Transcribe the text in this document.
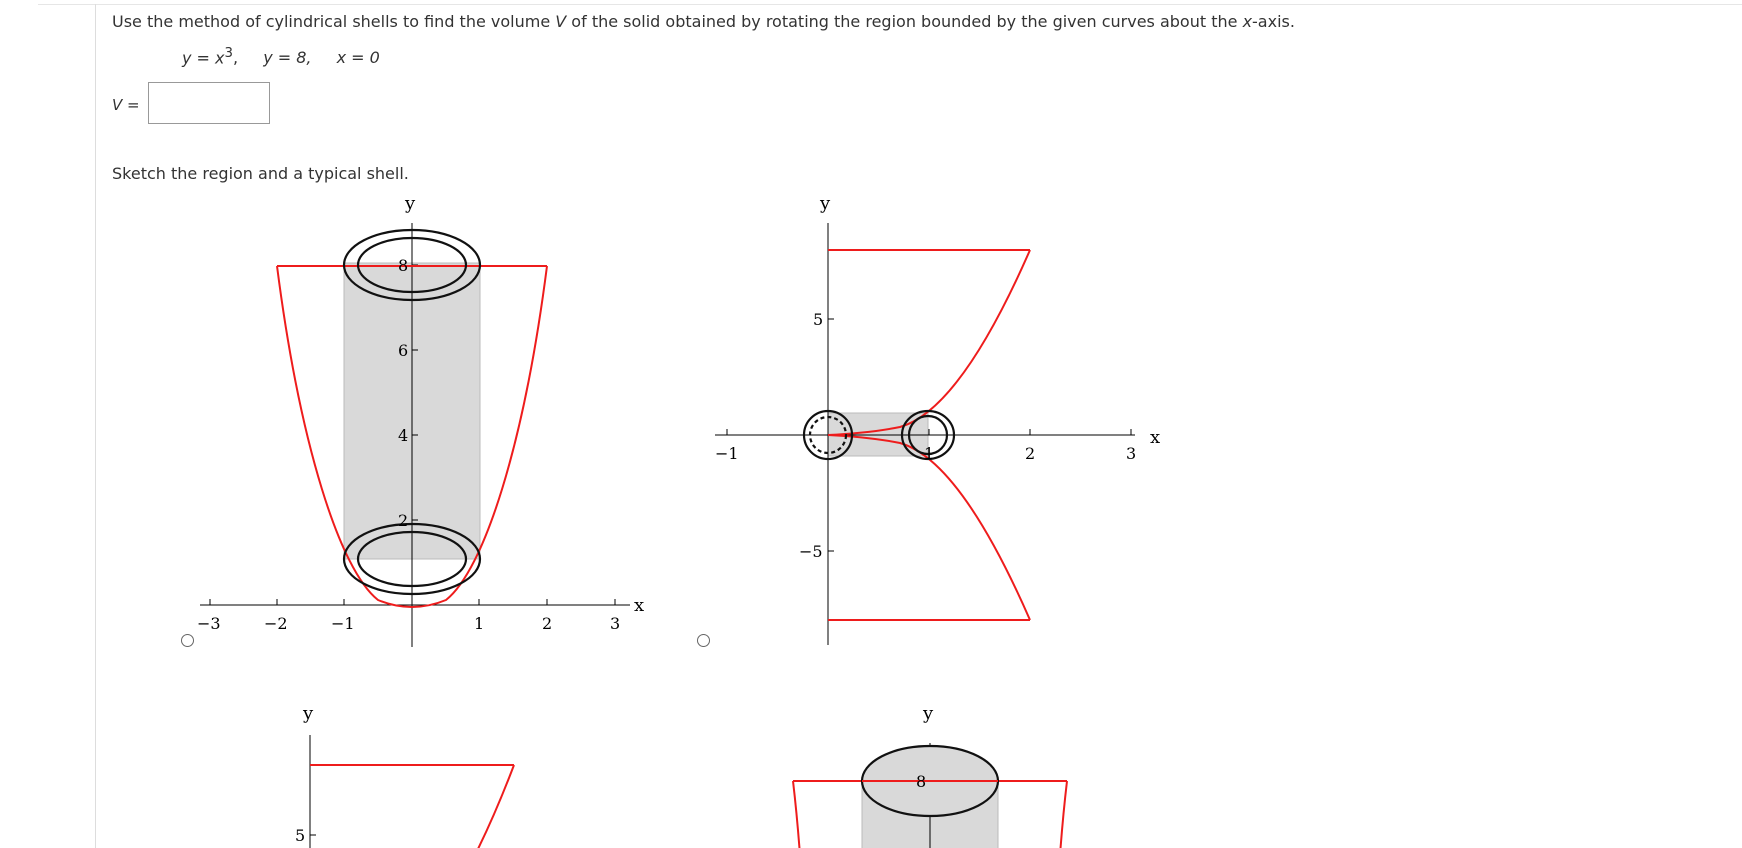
Use the method of cylindrical shells to find the volume V of the solid obtained by rotating the region bounded by the given curves about the x-axis.
$y = x^3$, y = 8, x = 0
V =
Sketch the region and a typical shell.
−3	−2	−1	1	2	3
2
4
6
8
x
y
−1	1	2	3
5
−5
x
y
5
y
8
y
